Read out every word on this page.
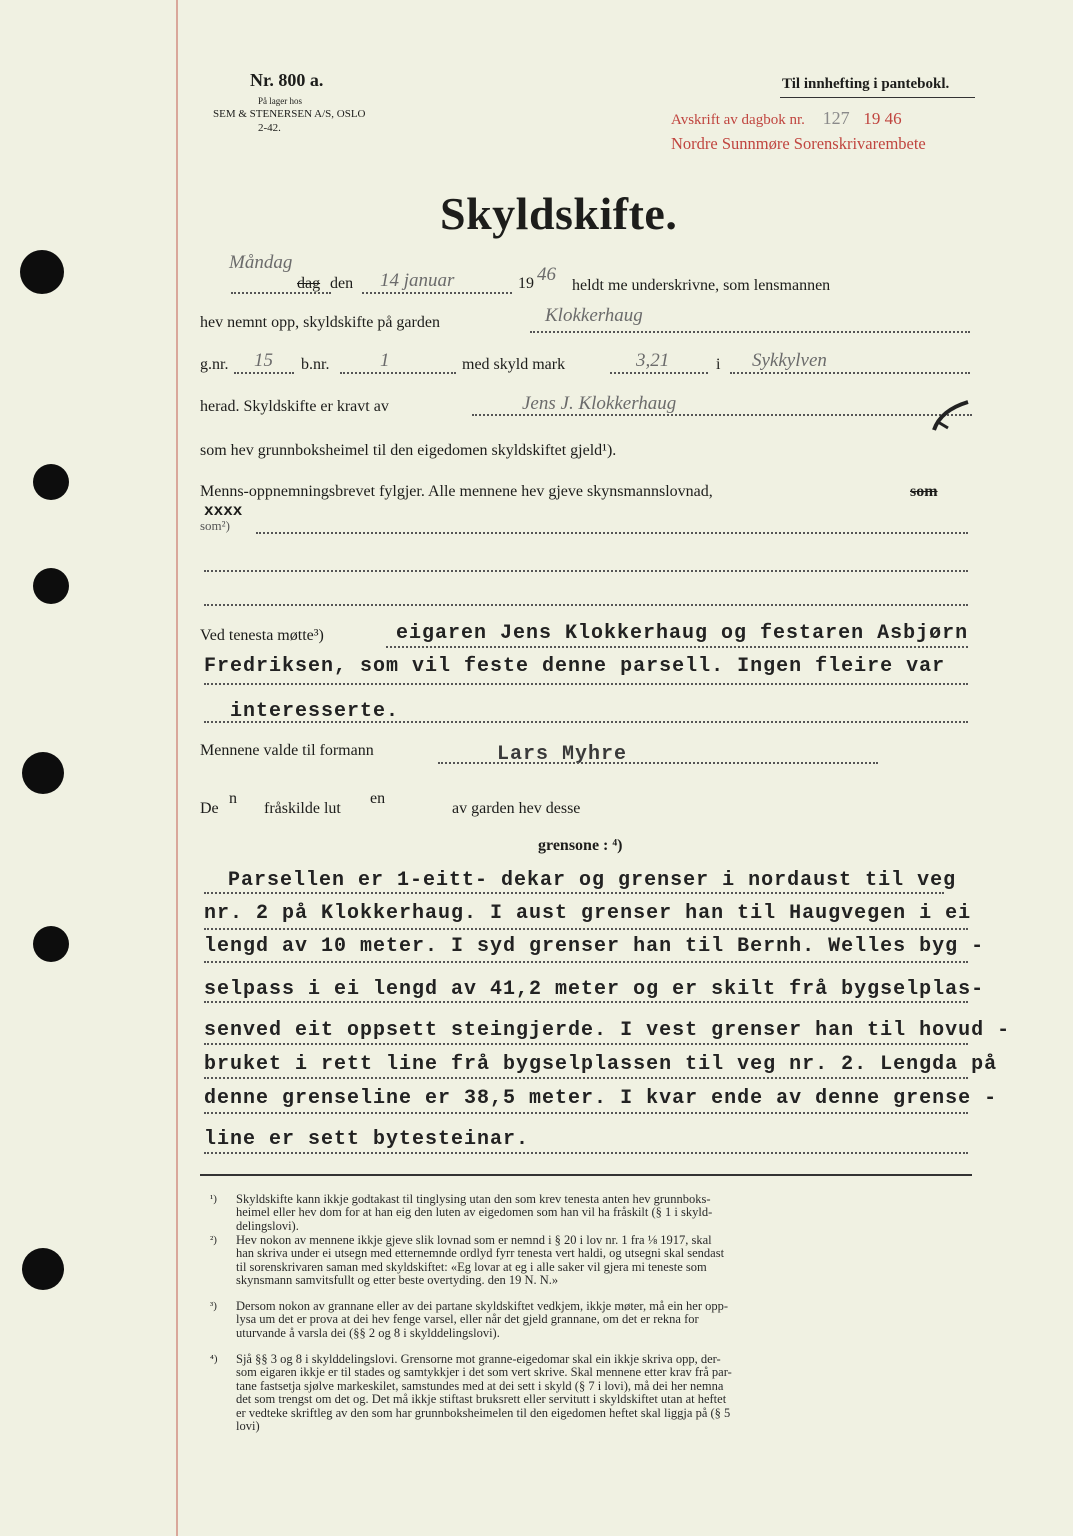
Nr. 800 a.
På lager hos
SEM & STENERSEN A/S, OSLO
2-42.
Til innhefting i pantebokl.
Avskrift av dagbok nr. 127 19 46
Nordre Sunnmøre Sorenskrivarembete
Skyldskifte.
Måndag
dag den 14 januar	19 46
heldt me underskrivne, som lensmannen
hev nemnt opp, skyldskifte på garden	Klokkerhaug
g.nr. 15 b.nr.	1	med skyld mark	3,21	i Sykkylven
herad. Skyldskifte er kravt av	Jens J. Klokkerhaug
som hev grunnboksheimel til den eigedomen skyldskiftet gjeld¹).
Menns-oppnemningsbrevet fylgjer. Alle mennene hev gjeve skynsmannslovnad,	som
xxxx
som²)
Ved tenesta møtte³)	eigaren Jens Klokkerhaug og festaren Asbjørn
Fredriksen, som vil feste denne parsell. Ingen fleire var
interesserte.
Mennene valde til formann	Lars Myhre
De
n
fråskilde lut
en
av garden hev desse
grensone : ⁴)
Parsellen er 1-eitt- dekar og grenser i nordaust til veg
nr. 2 på Klokkerhaug. I aust grenser han til Haugvegen i ei
lengd av 10 meter. I syd grenser han til Bernh. Welles byg -
selpass i ei lengd av 41,2 meter og er skilt frå bygselplas-
senved eit oppsett steingjerde. I vest grenser han til hovud -
bruket i rett line frå bygselplassen til veg nr. 2. Lengda på
denne grenseline er 38,5 meter. I kvar ende av denne grense -
line er sett bytesteinar.
¹) Skyldskifte kann ikkje godtakast til tinglysing utan den som krev tenesta anten hev grunnboks-
heimel eller hev dom for at han eig den luten av eigedomen som han vil ha fråskilt (§ 1 i skyld-
delingslovi).
²) Hev nokon av mennene ikkje gjeve slik lovnad som er nemnd i § 20 i lov nr. 1 fra ⅛ 1917, skal
han skriva under ei utsegn med etternemnde ordlyd fyrr tenesta vert haldi, og utsegni skal sendast
til sorenskrivaren saman med skyldskiftet: «Eg lovar at eg i alle saker vil gjera mi teneste som
skynsmann samvitsfullt og etter beste overtyding. den 19 N. N.»
³) Dersom nokon av grannane eller av dei partane skyldskiftet vedkjem, ikkje møter, må ein her opp-
lysa um det er prova at dei hev fenge varsel, eller når det gjeld grannane, om det er rekna for
uturvande å varsla dei (§§ 2 og 8 i skylddelingslovi).
⁴) Sjå §§ 3 og 8 i skylddelingslovi. Grensorne mot granne-eigedomar skal ein ikkje skriva opp, der-
som eigaren ikkje er til stades og samtykkjer i det som vert skrive. Skal mennene etter krav frå par-
tane fastsetja sjølve markeskilet, samstundes med at dei sett i skyld (§ 7 i lovi), må dei her nemna
det som trengst om det og. Det må ikkje stiftast bruksrett eller servitutt i skyldskiftet utan at heftet
er vedteke skriftleg av den som har grunnboksheimelen til den eigedomen heftet skal liggja på (§ 5
lovi)
